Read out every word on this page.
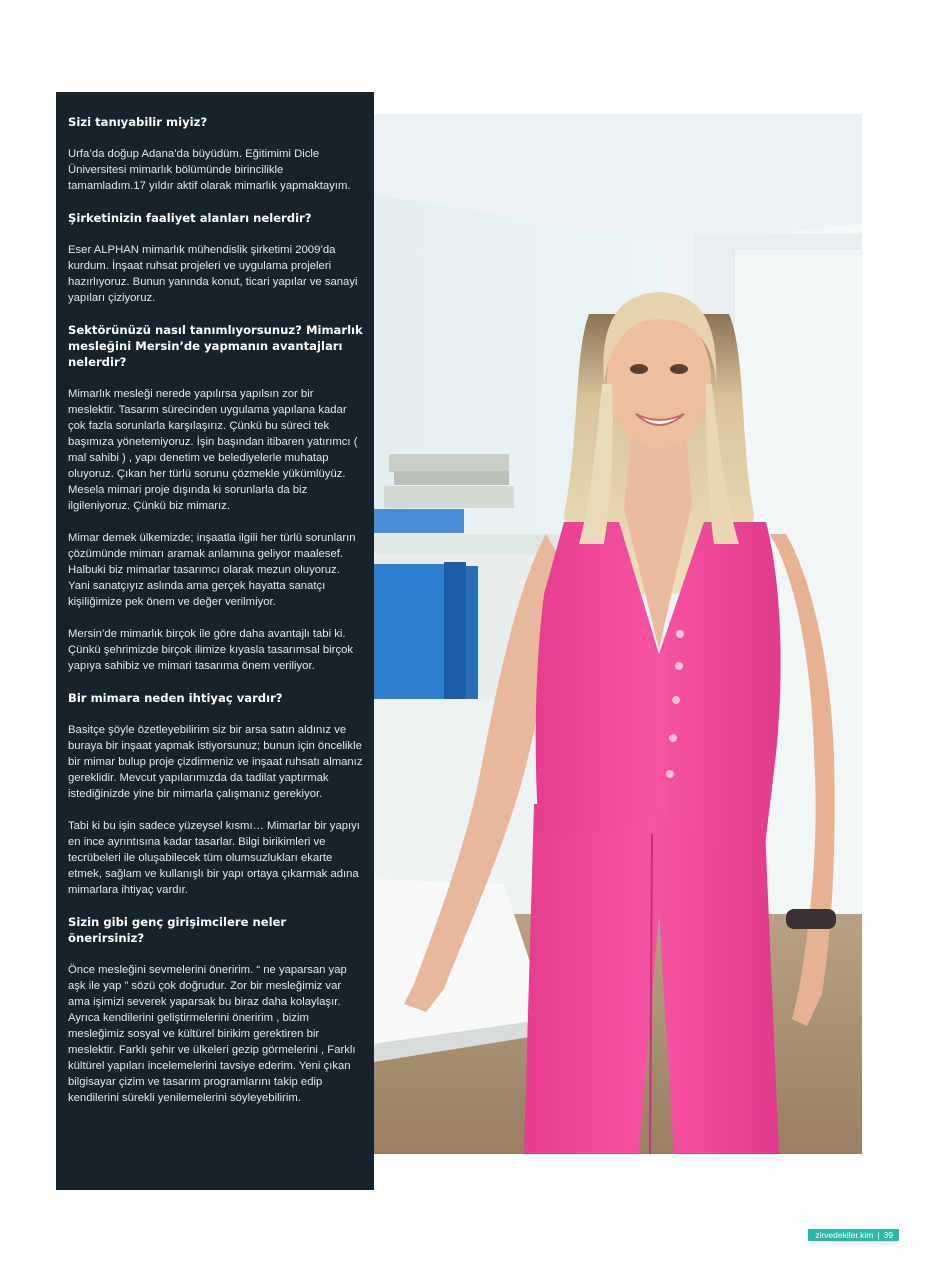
Sizi tanıyabilir miyiz?

Urfa’da doğup Adana’da büyüdüm. Eğitimimi Dicle Üniversitesi mimarlık bölümünde birincilikle tamamladım.17 yıldır aktif olarak mimarlık yapmaktayım.

Şirketinizin faaliyet alanları nelerdir?

Eser ALPHAN mimarlık mühendislik şirketimi 2009’da kurdum. İnşaat ruhsat projeleri ve uygulama projeleri hazırlıyoruz. Bunun yanında konut, ticari yapılar ve sanayi yapıları çiziyoruz.

Sektörünüzü nasıl tanımlıyorsunuz? Mimarlık mesleğini Mersin’de yapmanın avantajları nelerdir?

Mimarlık mesleği nerede yapılırsa yapılsın zor bir meslektir. Tasarım sürecinden uygulama yapılana kadar çok fazla sorunlarla karşılaşırız. Çünkü bu süreci tek başımıza yönetemiyoruz. İşin başından itibaren yatırımcı ( mal sahibi ) , yapı denetim ve belediyelerle muhatap oluyoruz. Çıkan her türlü sorunu çözmekle yükümlüyüz. Mesela mimari proje dışında ki sorunlarla da biz ilgileniyoruz. Çünkü biz mimarız.

Mimar demek ülkemizde; inşaatla ilgili her türlü sorunların çözümünde mimarı aramak anlamına geliyor maalesef. Halbuki biz mimarlar tasarımcı olarak mezun oluyoruz. Yani sanatçıyız aslında ama gerçek hayatta sanatçı kişiliğimize pek önem ve değer verilmiyor.

Mersin’de mimarlık birçok ile göre daha avantajlı tabi ki. Çünkü şehrimizde birçok ilimize kıyasla tasarımsal birçok yapıya sahibiz ve mimari tasarıma önem veriliyor.

Bir mimara neden ihtiyaç vardır?

Basitçe şöyle özetleyebilirim siz bir arsa satın aldınız ve buraya bir inşaat yapmak istiyorsunuz; bunun için öncelikle bir mimar bulup proje çizdirmeniz ve inşaat ruhsatı almanız gereklidir. Mevcut yapılarımızda da tadilat yaptırmak istediğinizde yine bir mimarla çalışmanız gerekiyor.

Tabi ki bu işin sadece yüzeysel kısmı… Mimarlar bir yapıyı en ince ayrıntısına kadar tasarlar. Bilgi birikimleri ve tecrübeleri ile oluşabilecek tüm olumsuzlukları ekarte etmek, sağlam ve kullanışlı bir yapı ortaya çıkarmak adına mimarlara ihtiyaç vardır.

Sizin gibi genç girişimcilere neler önerirsiniz?

Önce mesleğini sevmelerini öneririm. “ ne yaparsan yap aşk ile yap ” sözü çok doğrudur. Zor bir mesleğimiz var ama işimizi severek yaparsak bu biraz daha kolaylaşır. Ayrıca kendilerini geliştirmelerini öneririm , bizim mesleğimiz sosyal ve kültürel birikim gerektiren bir meslektir. Farklı şehir ve ülkeleri gezip görmelerini , Farklı kültürel yapıları incelemelerini tavsiye ederim. Yeni çıkan bilgisayar çizim ve tasarım programlarını takip edip kendilerini sürekli yenilemelerini söyleyebilirim.

zirvedekiler.kim | 39
